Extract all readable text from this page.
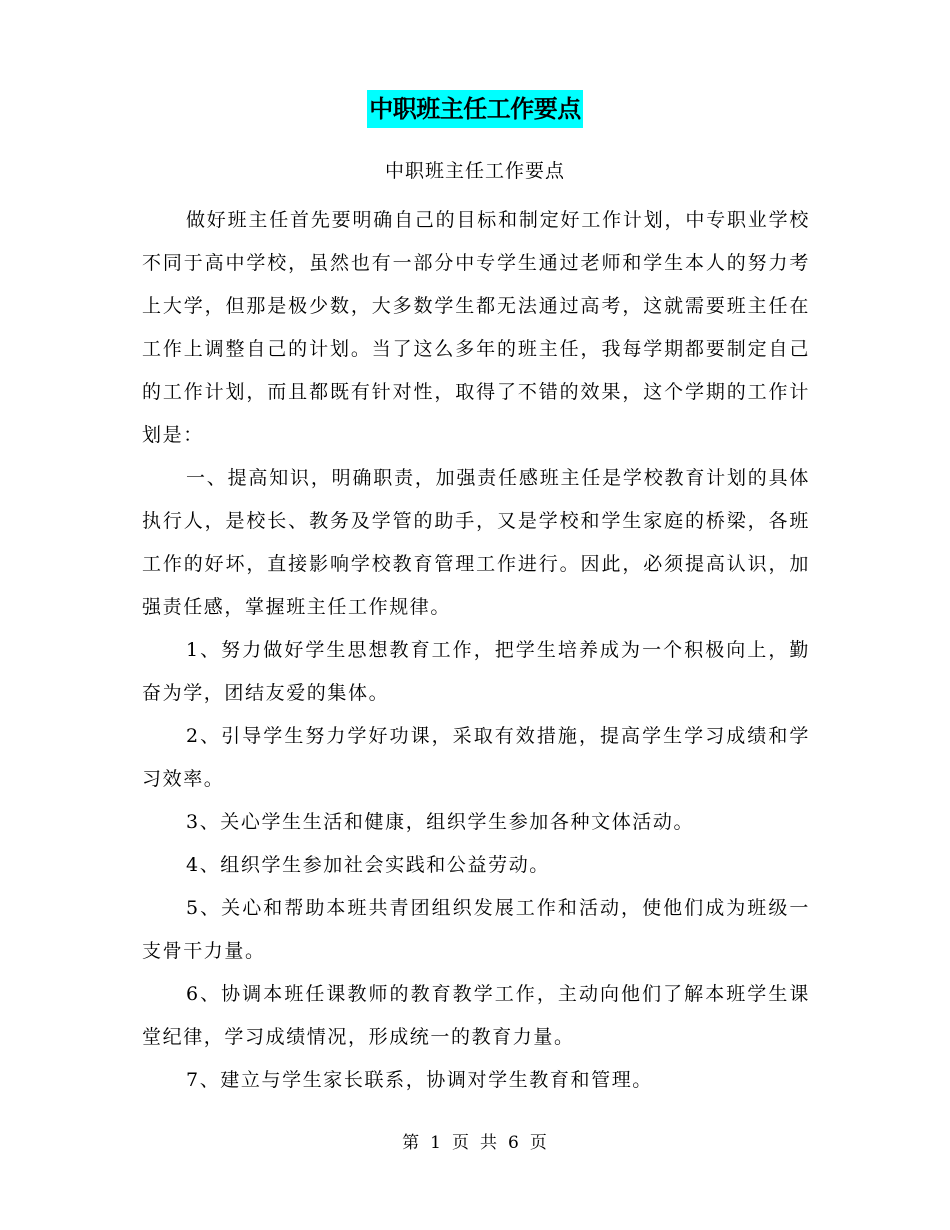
中职班主任工作要点
中职班主任工作要点

做好班主任首先要明确自己的目标和制定好工作计划，中专职业学校不同于高中学校，虽然也有一部分中专学生通过老师和学生本人的努力考上大学，但那是极少数，大多数学生都无法通过高考，这就需要班主任在工作上调整自己的计划。当了这么多年的班主任，我每学期都要制定自己的工作计划，而且都既有针对性，取得了不错的效果，这个学期的工作计划是：

一、提高知识，明确职责，加强责任感班主任是学校教育计划的具体执行人，是校长、教务及学管的助手，又是学校和学生家庭的桥梁，各班工作的好坏，直接影响学校教育管理工作进行。因此，必须提高认识，加强责任感，掌握班主任工作规律。

1、努力做好学生思想教育工作，把学生培养成为一个积极向上，勤奋为学，团结友爱的集体。

2、引导学生努力学好功课，采取有效措施，提高学生学习成绩和学习效率。

3、关心学生生活和健康，组织学生参加各种文体活动。

4、组织学生参加社会实践和公益劳动。

5、关心和帮助本班共青团组织发展工作和活动，使他们成为班级一支骨干力量。

6、协调本班任课教师的教育教学工作，主动向他们了解本班学生课堂纪律，学习成绩情况，形成统一的教育力量。

7、建立与学生家长联系，协调对学生教育和管理。

第 1 页 共 6 页
